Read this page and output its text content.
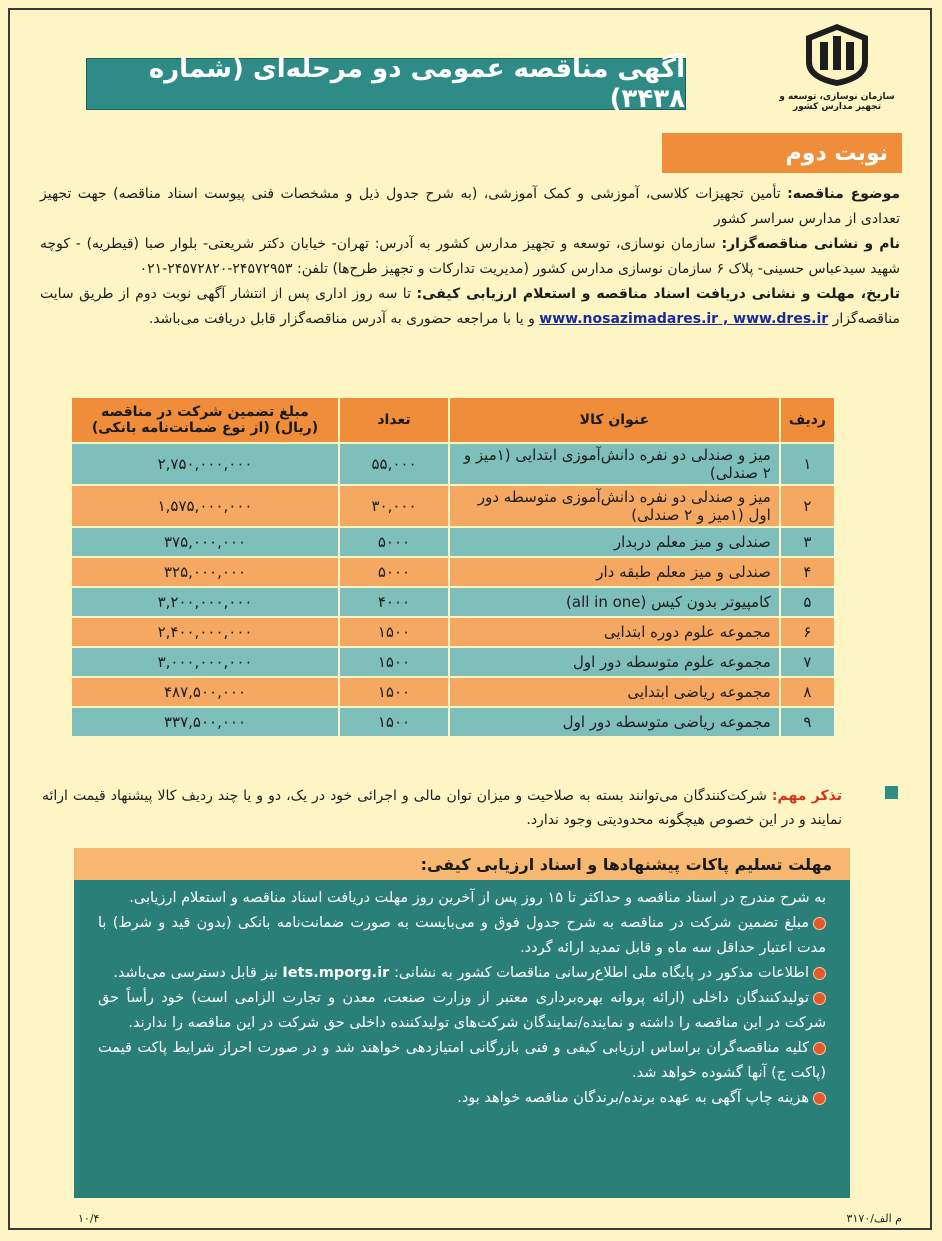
سازمان نوسازی، توسعه و تجهیز مدارس کشور
آگهی مناقصه عمومی دو مرحله‌ای (شماره ۳۴۳۸)
نوبت دوم
موضوع مناقصه: تأمین تجهیزات کلاسی، آموزشی و کمک آموزشی، (به شرح جدول ذیل و مشخصات فنی پیوست اسناد مناقصه) جهت تجهیز تعدادی از مدارس سراسر کشور
نام و نشانی مناقصه‌گزار: سازمان نوسازی، توسعه و تجهیز مدارس کشور به آدرس: تهران- خیابان دکتر شریعتی- بلوار صبا (قیطریه) - کوچه شهید سیدعباس حسینی- پلاک ۶ سازمان نوسازی مدارس کشور (مدیریت تدارکات و تجهیز طرح‌ها) تلفن: ۲۴۵۷۲۹۵۳-۲۴۵۷۲۸۲۰-۰۲۱
تاریخ، مهلت و نشانی دریافت اسناد مناقصه و استعلام ارزیابی کیفی: تا سه روز اداری پس از انتشار آگهی نوبت دوم از طریق سایت مناقصه‌گزار www.nosazimadares.ir , www.dres.ir و یا با مراجعه حضوری به آدرس مناقصه‌گزار قابل دریافت می‌باشد.
ردیف	عنوان کالا	تعداد	مبلغ تضمین شرکت در مناقصه (ریال) (از نوع ضمانت‌نامه بانکی)
۱	میز و صندلی دو نفره دانش‌آموزی ابتدایی (۱میز و ۲ صندلی)	۵۵,۰۰۰	۲,۷۵۰,۰۰۰,۰۰۰
۲	میز و صندلی دو نفره دانش‌آموزی متوسطه دور اول (۱میز و ۲ صندلی)	۳۰,۰۰۰	۱,۵۷۵,۰۰۰,۰۰۰
۳	صندلی و میز معلم دربدار	۵۰۰۰	۳۷۵,۰۰۰,۰۰۰
۴	صندلی و میز معلم طبقه دار	۵۰۰۰	۳۲۵,۰۰۰,۰۰۰
۵	کامپیوتر بدون کیس (all in one)	۴۰۰۰	۳,۲۰۰,۰۰۰,۰۰۰
۶	مجموعه علوم دوره ابتدایی	۱۵۰۰	۲,۴۰۰,۰۰۰,۰۰۰
۷	مجموعه علوم متوسطه دور اول	۱۵۰۰	۳,۰۰۰,۰۰۰,۰۰۰
۸	مجموعه ریاضی ابتدایی	۱۵۰۰	۴۸۷,۵۰۰,۰۰۰
۹	مجموعه ریاضی متوسطه دور اول	۱۵۰۰	۳۳۷,۵۰۰,۰۰۰
تذکر مهم: شرکت‌کنندگان می‌توانند بسته به صلاحیت و میزان توان مالی و اجرائی خود در یک، دو و یا چند ردیف کالا پیشنهاد قیمت ارائه نمایند و در این خصوص هیچگونه محدودیتی وجود ندارد.
مهلت تسلیم پاکات پیشنهادها و اسناد ارزیابی کیفی:
به شرح مندرج در اسناد مناقصه و حداکثر تا ۱۵ روز پس از آخرین روز مهلت دریافت اسناد مناقصه و استعلام ارزیابی.
مبلغ تضمین شرکت در مناقصه به شرح جدول فوق و می‌بایست به صورت ضمانت‌نامه بانکی (بدون قید و شرط) با مدت اعتبار حداقل سه ماه و قابل تمدید ارائه گردد.
اطلاعات مذکور در پایگاه ملی اطلاع‌رسانی مناقصات کشور به نشانی: Iets.mporg.ir نیز قابل دسترسی می‌باشد.
تولیدکنندگان داخلی (ارائه پروانه بهره‌برداری معتبر از وزارت صنعت، معدن و تجارت الزامی است) خود رأساً حق شرکت در این مناقصه را داشته و نماینده/نمایندگان شرکت‌های تولیدکننده داخلی حق شرکت در این مناقصه را ندارند.
کلیه مناقصه‌گران براساس ارزیابی کیفی و فنی بازرگانی امتیازدهی خواهند شد و در صورت احراز شرایط پاکت قیمت (پاکت ج) آنها گشوده خواهد شد.
هزینه چاپ آگهی به عهده برنده/برندگان مناقصه خواهد بود.
۱۰/۴	م الف/۳۱۷۰
